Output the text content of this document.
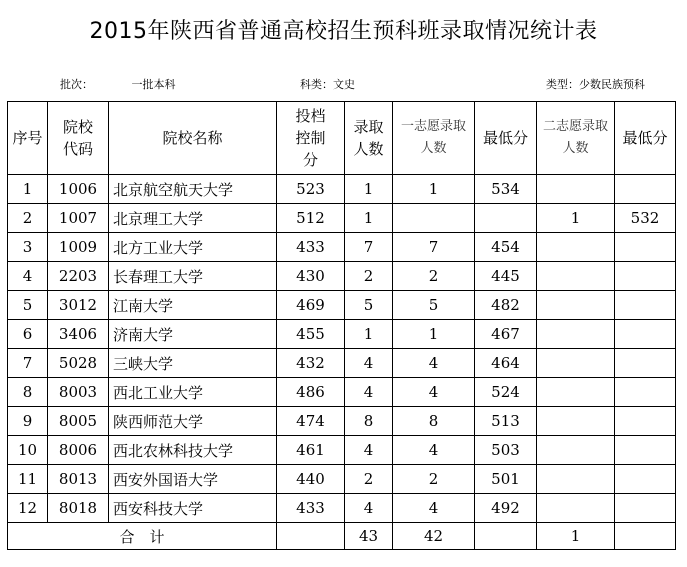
2015年陕西省普通高校招生预科班录取情况统计表
批次：　　　　一批本科	科类：文史	类型：少数民族预科
序号	院校代码	院校名称	投档控制分	录取人数	一志愿录取人数	最低分	二志愿录取人数	最低分
1	1006	北京航空航天大学	523	1	1	534		
2	1007	北京理工大学	512	1			1	532
3	1009	北方工业大学	433	7	7	454		
4	2203	长春理工大学	430	2	2	445		
5	3012	江南大学	469	5	5	482		
6	3406	济南大学	455	1	1	467		
7	5028	三峡大学	432	4	4	464		
8	8003	西北工业大学	486	4	4	524		
9	8005	陕西师范大学	474	8	8	513		
10	8006	西北农林科技大学	461	4	4	503		
11	8013	西安外国语大学	440	2	2	501		
12	8018	西安科技大学	433	4	4	492		
合　计				43	42		1	
